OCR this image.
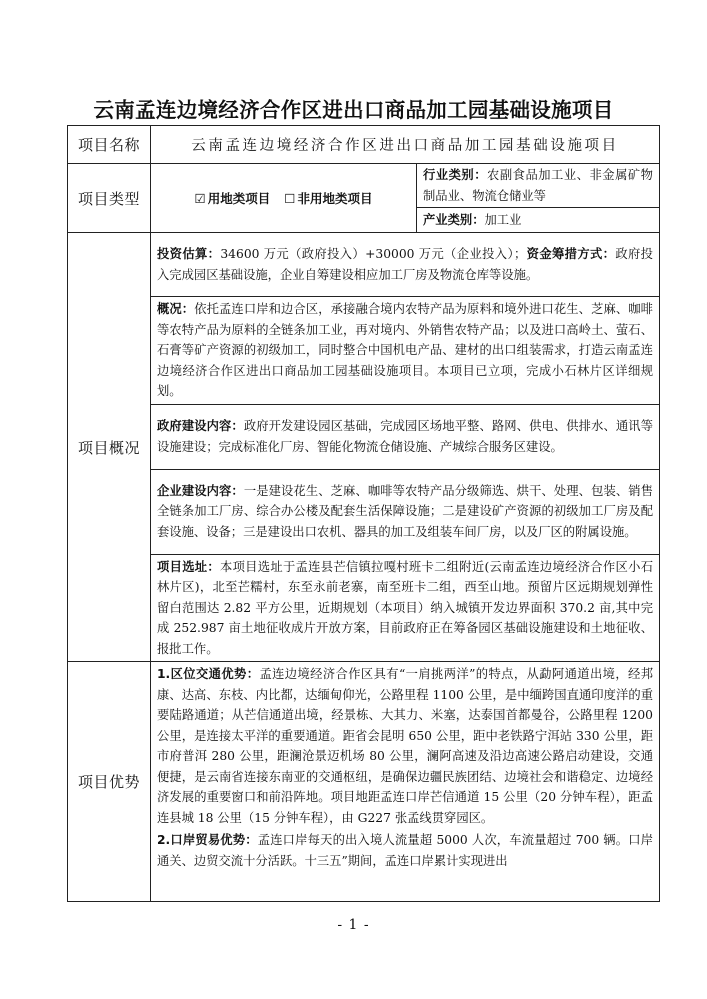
云南孟连边境经济合作区进出口商品加工园基础设施项目
项目名称	云南孟连边境经济合作区进出口商品加工园基础设施项目	
项目类型	☑ 用地类项目 ☐ 非用地类项目	行业类别：农副食品加工业、非金属矿物制品业、物流仓储业等

		产业类别：加工业

项目概况	投资估算：34600 万元（政府投入）+30000 万元（企业投入）；资金筹措方式：政府投入完成园区基础设施，企业自筹建设相应加工厂房及物流仓库等设施。	

	概况：依托孟连口岸和边合区，承接融合境内农特产品为原料和境外进口花生、芝麻、咖啡等农特产品为原料的全链条加工业，再对境内、外销售农特产品；以及进口高岭土、萤石、石膏等矿产资源的初级加工，同时整合中国机电产品、建材的出口组装需求，打造云南孟连边境经济合作区进出口商品加工园基础设施项目。本项目已立项，完成小石林片区详细规划。	

	政府建设内容：政府开发建设园区基础，完成园区场地平整、路网、供电、供排水、通讯等设施建设；完成标准化厂房、智能化物流仓储设施、产城综合服务区建设。	

	企业建设内容：一是建设花生、芝麻、咖啡等农特产品分级筛选、烘干、处理、包装、销售全链条加工厂房、综合办公楼及配套生活保障设施；二是建设矿产资源的初级加工厂房及配套设施、设备；三是建设出口农机、器具的加工及组装车间厂房，以及厂区的附属设施。	

	项目选址：本项目选址于孟连县芒信镇拉嘎村班卡二组附近(云南孟连边境经济合作区小石林片区)，北至芒糯村，东至永前老寨，南至班卡二组，西至山地。预留片区远期规划弹性留白范围达 2.82 平方公里，近期规划（本项目）纳入城镇开发边界面积 370.2 亩,其中完成 252.987 亩土地征收成片开放方案，目前政府正在筹备园区基础设施建设和土地征收、报批工作。	

项目优势	1.区位交通优势：孟连边境经济合作区具有“一肩挑两洋”的特点，从勐阿通道出境，经邦康、达高、东枝、内比都，达缅甸仰光，公路里程 1100 公里，是中缅跨国直通印度洋的重要陆路通道；从芒信通道出境，经景栋、大其力、米塞，达泰国首都曼谷，公路里程 1200 公里，是连接太平洋的重要通道。距省会昆明 650 公里，距中老铁路宁洱站 330 公里，距市府普洱 280 公里，距澜沧景迈机场 80 公里，澜阿高速及沿边高速公路启动建设，交通便捷，是云南省连接东南亚的交通枢纽，是确保边疆民族团结、边境社会和谐稳定、边境经济发展的重要窗口和前沿阵地。项目地距孟连口岸芒信通道 15 公里（20 分钟车程），距孟连县城 18 公里（15 分钟车程），由 G227 张孟线贯穿园区。
2.口岸贸易优势：孟连口岸每天的出入境人流量超 5000 人次，车流量超过 700 辆。口岸通关、边贸交流十分活跃。十三五”期间，孟连口岸累计实现进出	
- 1 -
